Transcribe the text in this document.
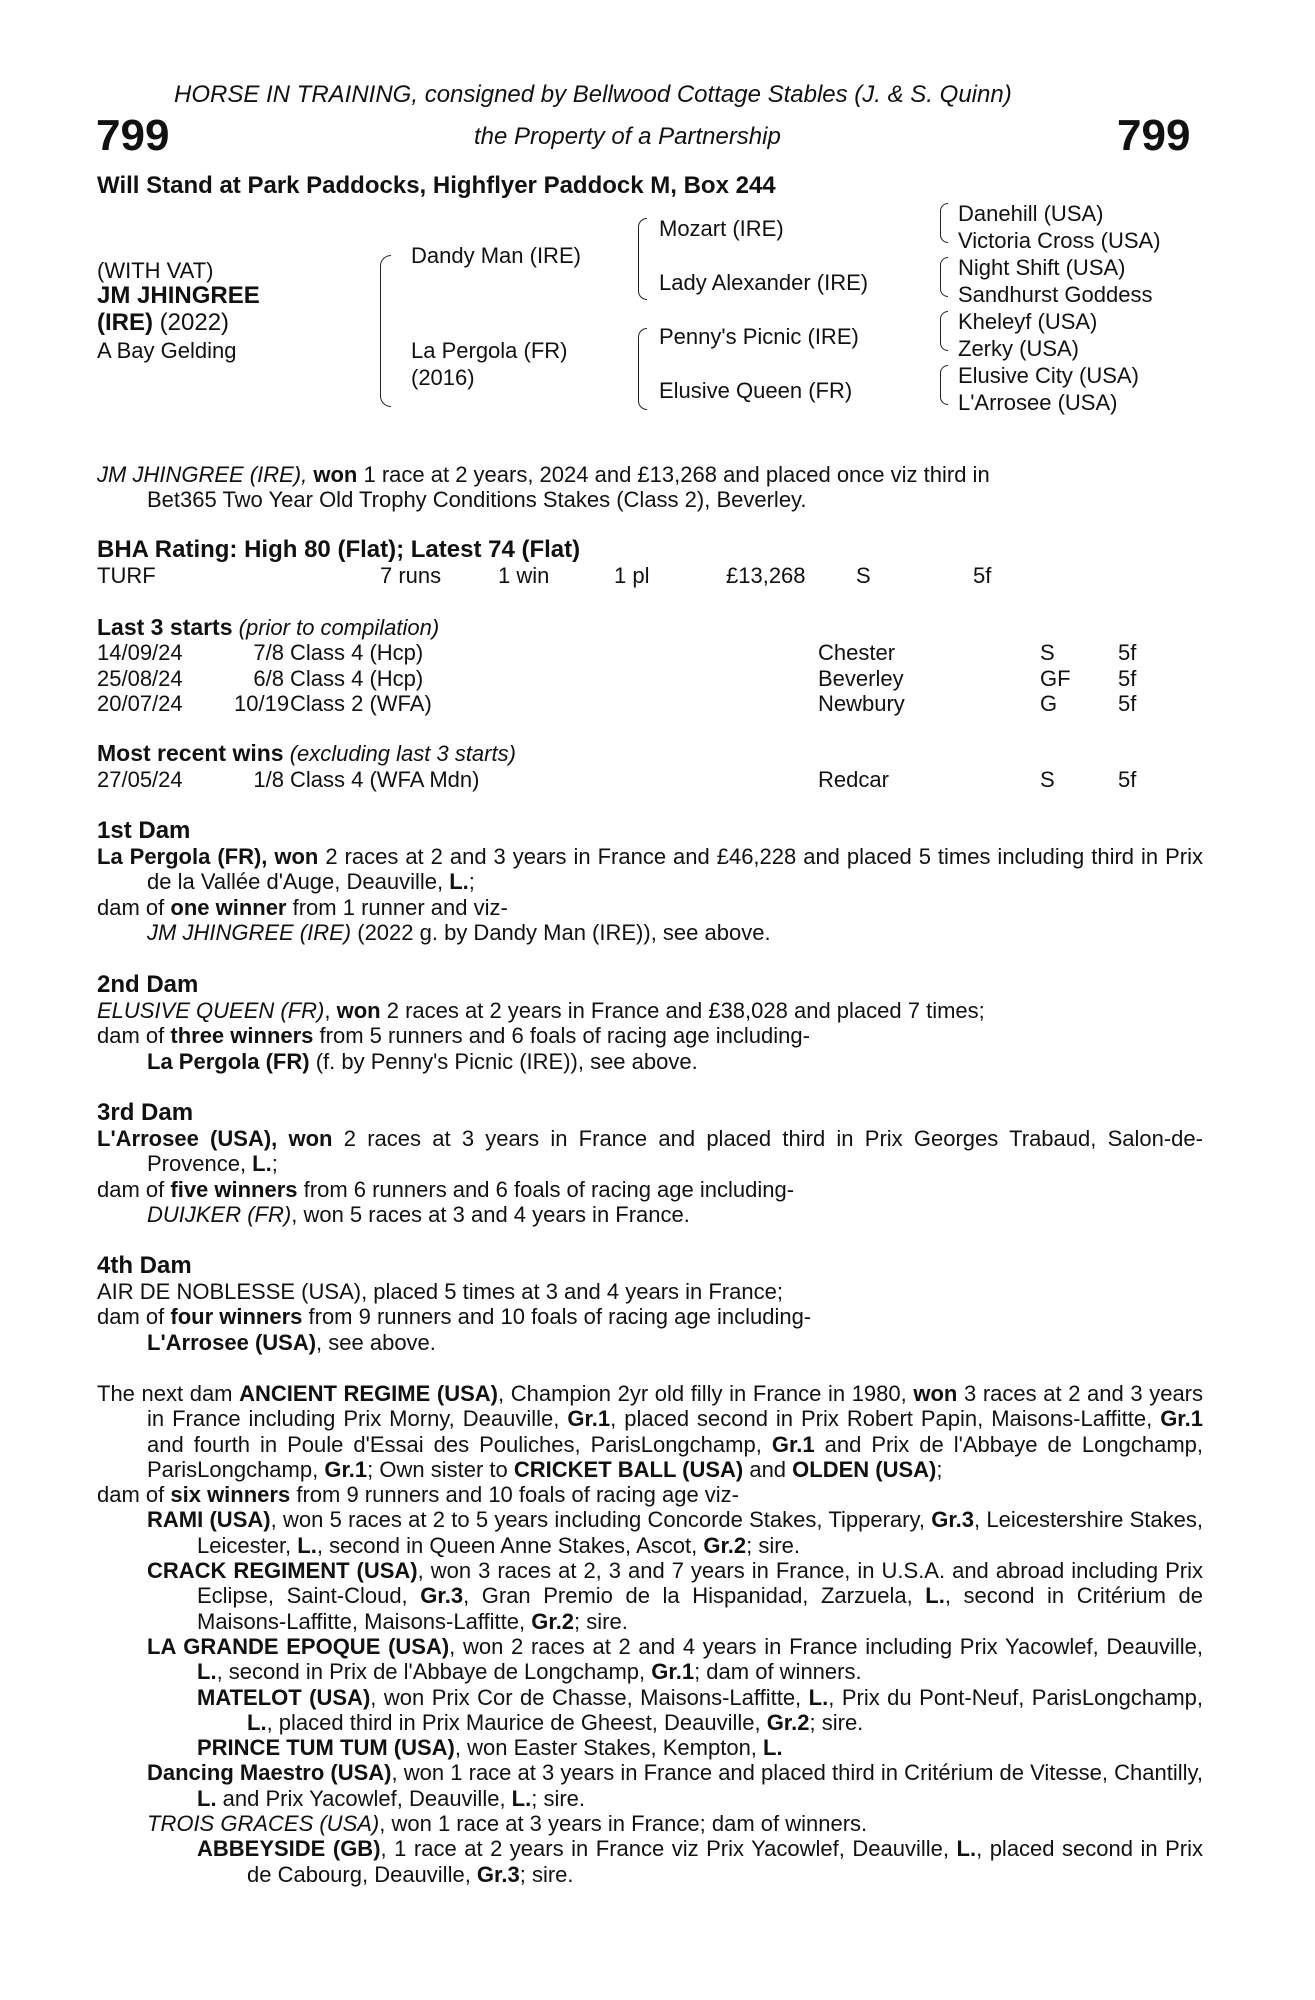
HORSE IN TRAINING, consigned by Bellwood Cottage Stables (J. & S. Quinn)
799	the Property of a Partnership	799
Will Stand at Park Paddocks, Highflyer Paddock M, Box 244
(WITH VAT)
JM JHINGREE
(IRE) (2022)
A Bay Gelding
Dandy Man (IRE)
La Pergola (FR)
(2016)
Mozart (IRE)
Lady Alexander (IRE)
Penny's Picnic (IRE)
Elusive Queen (FR)
Danehill (USA)
Victoria Cross (USA)
Night Shift (USA)
Sandhurst Goddess
Kheleyf (USA)
Zerky (USA)
Elusive City (USA)
L'Arrosee (USA)

JM JHINGREE (IRE), won 1 race at 2 years, 2024 and £13,268 and placed once viz third in

Bet365 Two Year Old Trophy Conditions Stakes (Class 2), Beverley.

BHA Rating: High 80 (Flat); Latest 74 (Flat)
TURF	7 runs	1 win	1 pl	£13,268 S	5f
Last 3 starts (prior to compilation)
14/09/24	7/8 Class 4 (Hcp)	Chester	S	5f
25/08/24	6/8 Class 4 (Hcp)	Beverley	GF 5f
20/07/24 10/19 Class 2 (WFA)	Newbury	G	5f
Most recent wins (excluding last 3 starts)
27/05/24	1/8 Class 4 (WFA Mdn)	Redcar	S	5f
1st Dam

La Pergola (FR), won 2 races at 2 and 3 years in France and £46,228 and placed 5 times including third in Prix de la Vallée d'Auge, Deauville, L.;

dam of one winner from 1 runner and viz-

JM JHINGREE (IRE) (2022 g. by Dandy Man (IRE)), see above.

2nd Dam

ELUSIVE QUEEN (FR), won 2 races at 2 years in France and £38,028 and placed 7 times;

dam of three winners from 5 runners and 6 foals of racing age including-

La Pergola (FR) (f. by Penny's Picnic (IRE)), see above.

3rd Dam

L'Arrosee (USA), won 2 races at 3 years in France and placed third in Prix Georges Trabaud, Salon-de-Provence, L.;

dam of five winners from 6 runners and 6 foals of racing age including-

DUIJKER (FR), won 5 races at 3 and 4 years in France.

4th Dam

AIR DE NOBLESSE (USA), placed 5 times at 3 and 4 years in France;

dam of four winners from 9 runners and 10 foals of racing age including-

L'Arrosee (USA), see above.

The next dam ANCIENT REGIME (USA), Champion 2yr old filly in France in 1980, won 3 races at 2 and 3 years in France including Prix Morny, Deauville, Gr.1, placed second in Prix Robert Papin, Maisons-Laffitte, Gr.1 and fourth in Poule d'Essai des Pouliches, ParisLongchamp, Gr.1 and Prix de l'Abbaye de Longchamp, ParisLongchamp, Gr.1; Own sister to CRICKET BALL (USA) and OLDEN (USA);

dam of six winners from 9 runners and 10 foals of racing age viz-

RAMI (USA), won 5 races at 2 to 5 years including Concorde Stakes, Tipperary, Gr.3, Leicestershire Stakes, Leicester, L., second in Queen Anne Stakes, Ascot, Gr.2; sire.

CRACK REGIMENT (USA), won 3 races at 2, 3 and 7 years in France, in U.S.A. and abroad including Prix Eclipse, Saint-Cloud, Gr.3, Gran Premio de la Hispanidad, Zarzuela, L., second in Critérium de Maisons-Laffitte, Maisons-Laffitte, Gr.2; sire.

LA GRANDE EPOQUE (USA), won 2 races at 2 and 4 years in France including Prix Yacowlef, Deauville, L., second in Prix de l'Abbaye de Longchamp, Gr.1; dam of winners.

MATELOT (USA), won Prix Cor de Chasse, Maisons-Laffitte, L., Prix du Pont-Neuf, ParisLongchamp, L., placed third in Prix Maurice de Gheest, Deauville, Gr.2; sire.

PRINCE TUM TUM (USA), won Easter Stakes, Kempton, L.

Dancing Maestro (USA), won 1 race at 3 years in France and placed third in Critérium de Vitesse, Chantilly, L. and Prix Yacowlef, Deauville, L.; sire.

TROIS GRACES (USA), won 1 race at 3 years in France; dam of winners.

ABBEYSIDE (GB), 1 race at 2 years in France viz Prix Yacowlef, Deauville, L., placed second in Prix de Cabourg, Deauville, Gr.3; sire.
